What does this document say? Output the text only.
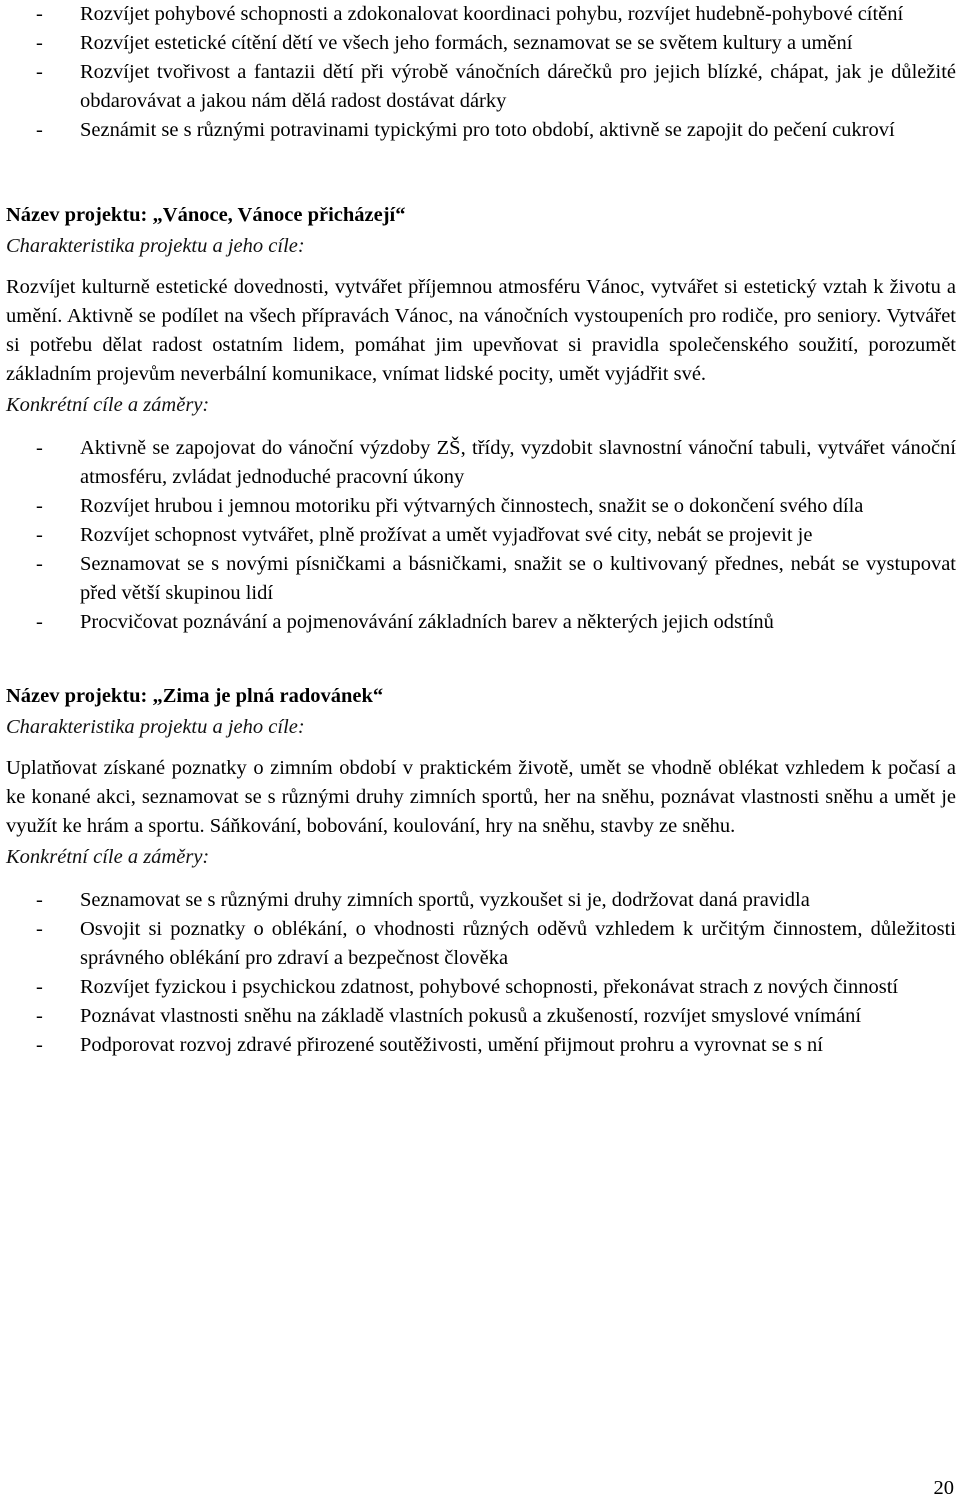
- Rozvíjet pohybové schopnosti a zdokonalovat koordinaci pohybu, rozvíjet hudebně-pohybové cítění
- Rozvíjet estetické cítění dětí ve všech jeho formách, seznamovat se se světem kultury a umění
- Rozvíjet tvořivost a fantazii dětí při výrobě vánočních dárečků pro jejich blízké, chápat, jak je důležité obdarovávat a jakou nám dělá radost dostávat dárky
- Seznámit se s různými potravinami typickými pro toto období, aktivně se zapojit do pečení cukroví

Název projektu: „Vánoce, Vánoce přicházejí“

Charakteristika projektu a jeho cíle:

Rozvíjet kulturně estetické dovednosti, vytvářet příjemnou atmosféru Vánoc, vytvářet si estetický vztah k životu a umění. Aktivně se podílet na všech přípravách Vánoc, na vánočních vystoupeních pro rodiče, pro seniory. Vytvářet si potřebu dělat radost ostatním lidem, pomáhat jim upevňovat si pravidla společenského soužití, porozumět základním projevům neverbální komunikace, vnímat lidské pocity, umět vyjádřit své.

Konkrétní cíle a záměry:

- Aktivně se zapojovat do vánoční výzdoby ZŠ, třídy, vyzdobit slavnostní vánoční tabuli, vytvářet vánoční atmosféru, zvládat jednoduché pracovní úkony
- Rozvíjet hrubou i jemnou motoriku při výtvarných činnostech, snažit se o dokončení svého díla
- Rozvíjet schopnost vytvářet, plně prožívat a umět vyjadřovat své city, nebát se projevit je
- Seznamovat se s novými písničkami a básničkami, snažit se o kultivovaný přednes, nebát se vystupovat před větší skupinou lidí
- Procvičovat poznávání a pojmenovávání základních barev a některých jejich odstínů

Název projektu: „Zima je plná radovánek“

Charakteristika projektu a jeho cíle:

Uplatňovat získané poznatky o zimním období v praktickém životě, umět se vhodně oblékat vzhledem k počasí a ke konané akci, seznamovat se s různými druhy zimních sportů, her na sněhu, poznávat vlastnosti sněhu a umět je využít ke hrám a sportu. Sáňkování, bobování, koulování, hry na sněhu, stavby ze sněhu.

Konkrétní cíle a záměry:

- Seznamovat se s různými druhy zimních sportů, vyzkoušet si je, dodržovat daná pravidla
- Osvojit si poznatky o oblékání, o vhodnosti různých oděvů vzhledem k určitým činnostem, důležitosti správného oblékání pro zdraví a bezpečnost člověka
- Rozvíjet fyzickou i psychickou zdatnost, pohybové schopnosti, překonávat strach z nových činností
- Poznávat vlastnosti sněhu na základě vlastních pokusů a zkušeností, rozvíjet smyslové vnímání
- Podporovat rozvoj zdravé přirozené soutěživosti, umění přijmout prohru a vyrovnat se s ní
20
